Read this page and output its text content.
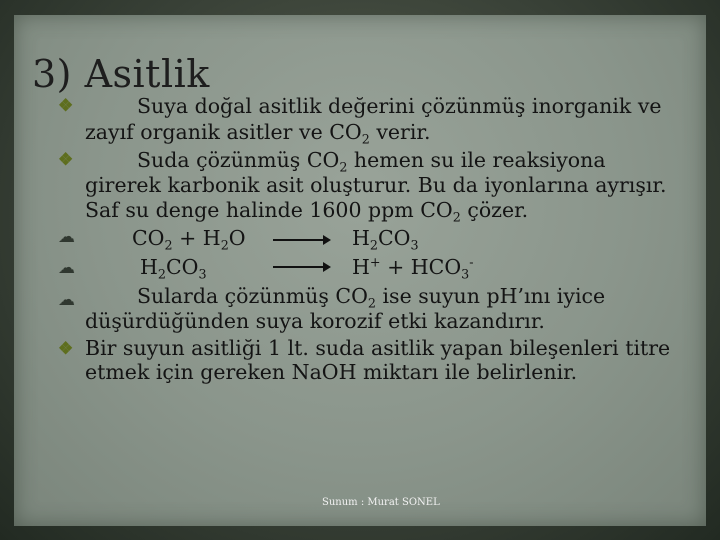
3) Asitlik
❖	Suya doğal asitlik değerini çözünmüş inorganik ve
zayıf organik asitler ve $CO_2$ verir.
❖	Suda çözünmüş $CO_2$ hemen su ile reaksiyona
girerek karbonik asit oluşturur. Bu da iyonlarına ayrışır.
Saf su denge halinde 1600 ppm $CO_2$ çözer.
☁	$CO_2 + H_2O$	$H_2CO_3$
☁	$H_2CO_3$	$H^+ + HCO_3^-$
☁	Sularda çözünmüş $CO_2$ ise suyun pH’ını iyice
düşürdüğünden suya korozif etki kazandırır.
❖ Bir suyun asitliği 1 lt. suda asitlik yapan bileşenleri titre
etmek için gereken NaOH miktarı ile belirlenir.
Sunum : Murat SONEL
